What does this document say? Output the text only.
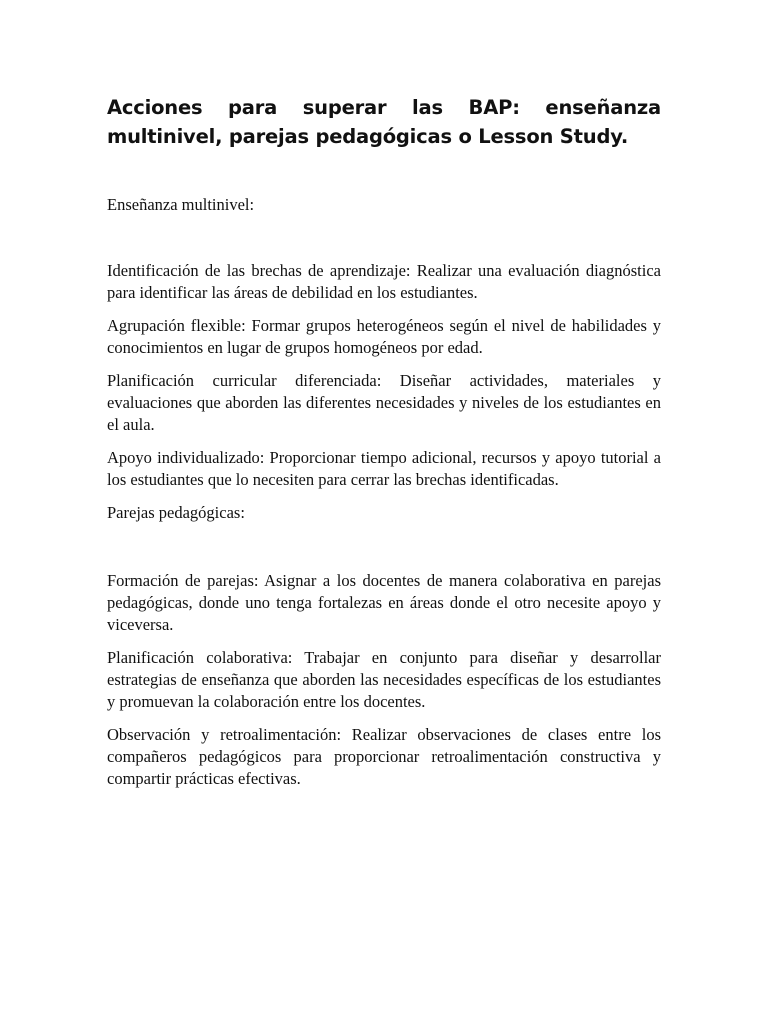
Acciones para superar las BAP: enseñanza multinivel, parejas pedagógicas o Lesson Study.

Enseñanza multinivel:

Identificación de las brechas de aprendizaje: Realizar una evaluación diagnóstica para identificar las áreas de debilidad en los estudiantes.

Agrupación flexible: Formar grupos heterogéneos según el nivel de habilidades y conocimientos en lugar de grupos homogéneos por edad.

Planificación curricular diferenciada: Diseñar actividades, materiales y evaluaciones que aborden las diferentes necesidades y niveles de los estudiantes en el aula.

Apoyo individualizado: Proporcionar tiempo adicional, recursos y apoyo tutorial a los estudiantes que lo necesiten para cerrar las brechas identificadas.

Parejas pedagógicas:

Formación de parejas: Asignar a los docentes de manera colaborativa en parejas pedagógicas, donde uno tenga fortalezas en áreas donde el otro necesite apoyo y viceversa.

Planificación colaborativa: Trabajar en conjunto para diseñar y desarrollar estrategias de enseñanza que aborden las necesidades específicas de los estudiantes y promuevan la colaboración entre los docentes.

Observación y retroalimentación: Realizar observaciones de clases entre los compañeros pedagógicos para proporcionar retroalimentación constructiva y compartir prácticas efectivas.
